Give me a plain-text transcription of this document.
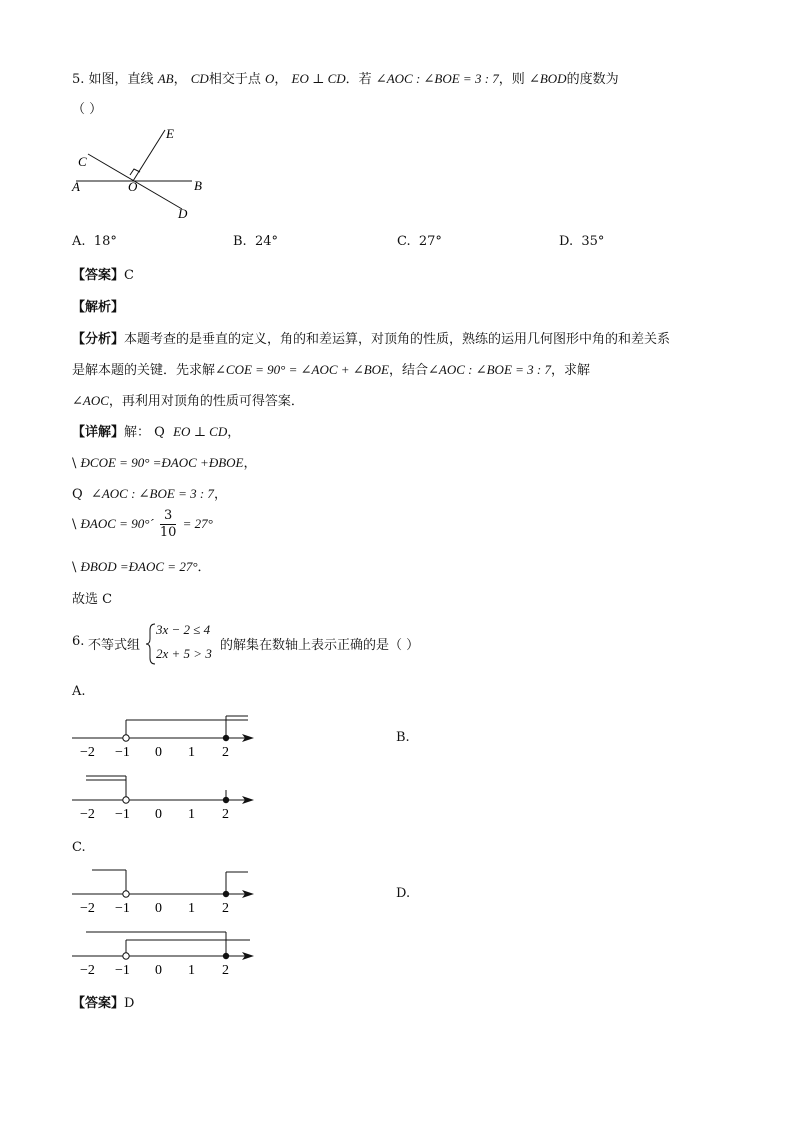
5. 如图，直线 AB， CD相交于点 O， EO ⊥ CD．若 ∠AOC : ∠BOE = 3 : 7，则 ∠BOD的度数为
（ ）
C
E
A	O	B
D
A. 18°	B. 24°	C. 27°	D. 35°
【答案】C
【解析】
【分析】本题考查的是垂直的定义，角的和差运算，对顶角的性质，熟练的运用几何图形中角的和差关系
是解本题的关键．先求解∠COE = 90° = ∠AOC + ∠BOE，结合∠AOC : ∠BOE = 3 : 7，求解
∠AOC，再利用对顶角的性质可得答案．
【详解】解： Q EO ⊥ CD，
\ ÐCOE = 90° =ÐAOC +ÐBOE，
Q ∠AOC : ∠BOE = 3 : 7，
\ ÐAOC = 90°´ $\frac{3}{10} = 27^\circ$
\ ÐBOD =ÐAOC = 27°．
故选 C
6. 不等式组
3x − 2 ≤ 4
2x + 5 > 3
的解集在数轴上表示正确的是（ ）
A.
B.
C.
D.
−2 −1 0 1 2
−2 −1 0 1 2
−2 −1 0 1 2
−2 −1 0 1 2
【答案】D
